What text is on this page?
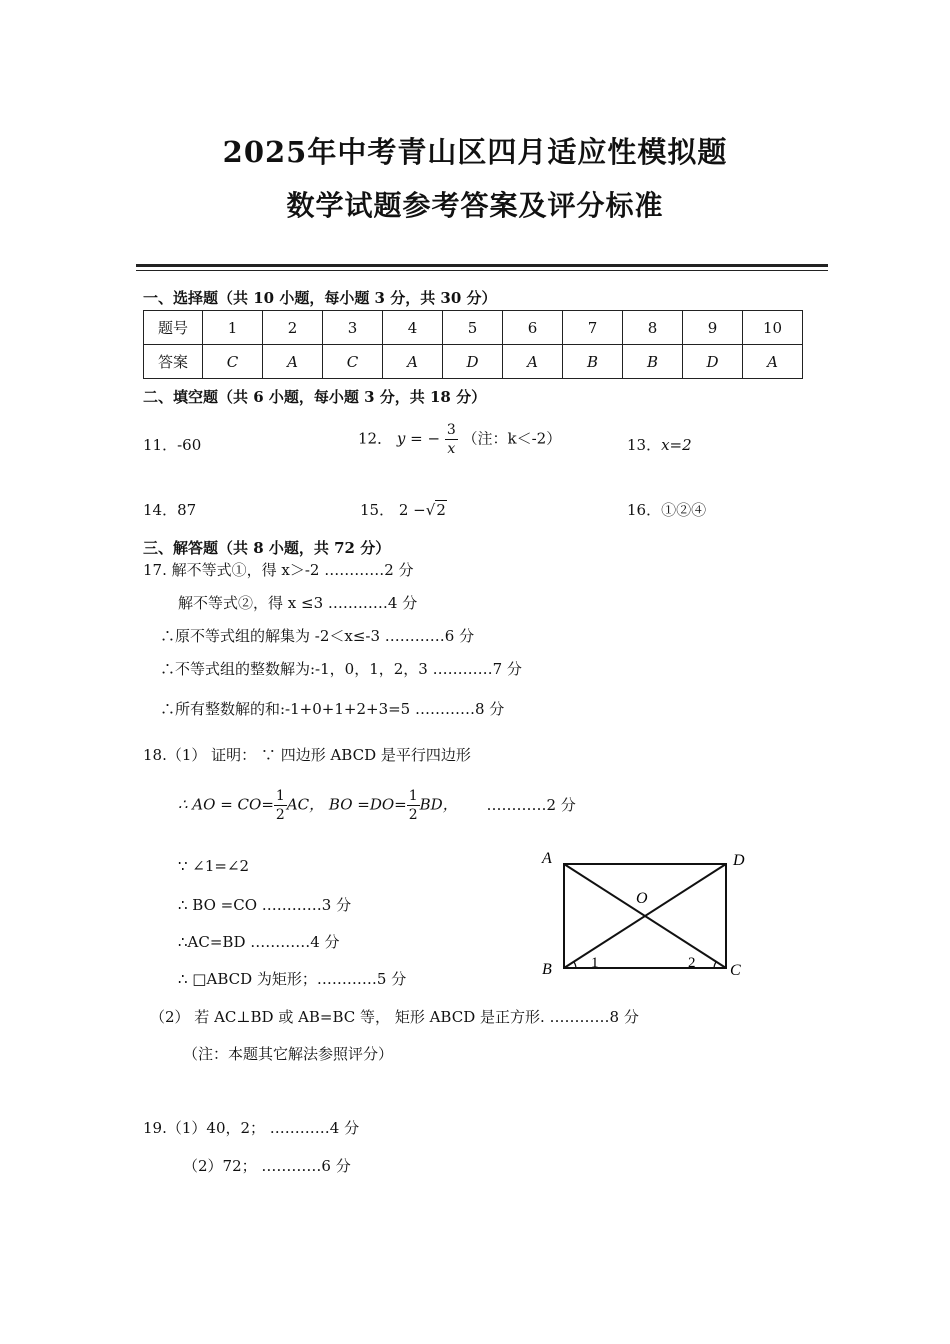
2025年中考青山区四月适应性模拟题
数学试题参考答案及评分标准
一、选择题（共 10 小题，每小题 3 分，共 30 分）
题号	1	2	3	4	5	6	7	8	9	10
答案	C	A	C	A	D	A	B	B	D	A
二、填空题（共 6 小题，每小题 3 分，共 18 分）
11．-60	12． y = − $\frac{3}{x}$ （注：k＜-2）	13．x=2
14．87	15． 2 −√2	16．①②④
三、解答题（共 8 小题，共 72 分）
17. 解不等式①，得 x＞-2 …………2 分
解不等式②，得 x ≤3 …………4 分
∴原不等式组的解集为 -2＜x≤-3 …………6 分
∴不等式组的整数解为:-1，0，1，2，3 …………7 分
∴所有整数解的和:-1+0+1+2+3=5 …………8 分
18.（1） 证明： ∵ 四边形 ABCD 是平行四边形
∴ AO = $CO= \frac{1}{2}$ AC， BO $=DO= \frac{1}{2}$ BD， …………2 分
∵ ∠1=∠2
∴ BO =CO …………3 分
∴AC=BD …………4 分
∴ □ABCD 为矩形；…………5 分
（2） 若 AC⊥BD 或 AB=BC 等， 矩形 ABCD 是正方形. …………8 分
（注：本题其它解法参照评分）
19.（1）40，2； …………4 分
（2）72； …………6 分
A	D
B	C
O
1	2
